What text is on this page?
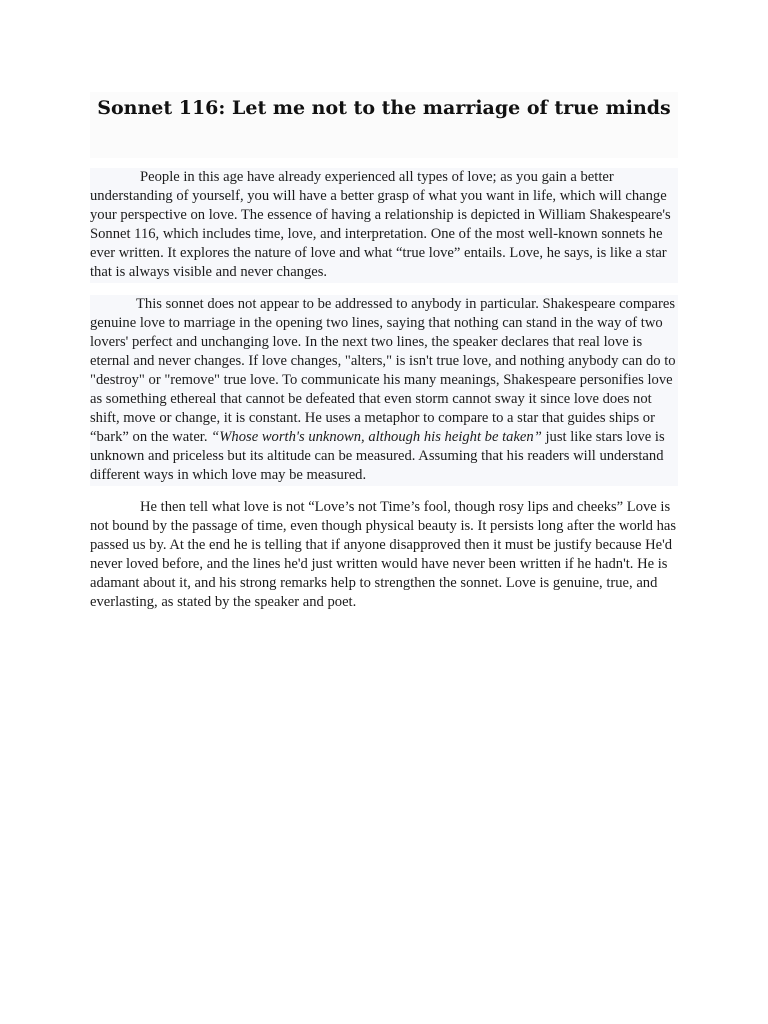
Sonnet 116: Let me not to the marriage of true minds

People in this age have already experienced all types of love; as you gain a better understanding of yourself, you will have a better grasp of what you want in life, which will change your perspective on love. The essence of having a relationship is depicted in William Shakespeare's Sonnet 116, which includes time, love, and interpretation. One of the most well-known sonnets he ever written. It explores the nature of love and what “true love” entails. Love, he says, is like a star that is always visible and never changes.

This sonnet does not appear to be addressed to anybody in particular. Shakespeare compares genuine love to marriage in the opening two lines, saying that nothing can stand in the way of two lovers' perfect and unchanging love. In the next two lines, the speaker declares that real love is eternal and never changes. If love changes, "alters," is isn't true love, and nothing anybody can do to "destroy" or "remove" true love. To communicate his many meanings, Shakespeare personifies love as something ethereal that cannot be defeated that even storm cannot sway it since love does not shift, move or change, it is constant. He uses a metaphor to compare to a star that guides ships or “bark” on the water. “Whose worth's unknown, although his height be taken” just like stars love is unknown and priceless but its altitude can be measured. Assuming that his readers will understand different ways in which love may be measured.

He then tell what love is not “Love’s not Time’s fool, though rosy lips and cheeks” Love is not bound by the passage of time, even though physical beauty is. It persists long after the world has passed us by. At the end he is telling that if anyone disapproved then it must be justify because He'd never loved before, and the lines he'd just written would have never been written if he hadn't. He is adamant about it, and his strong remarks help to strengthen the sonnet. Love is genuine, true, and everlasting, as stated by the speaker and poet.
